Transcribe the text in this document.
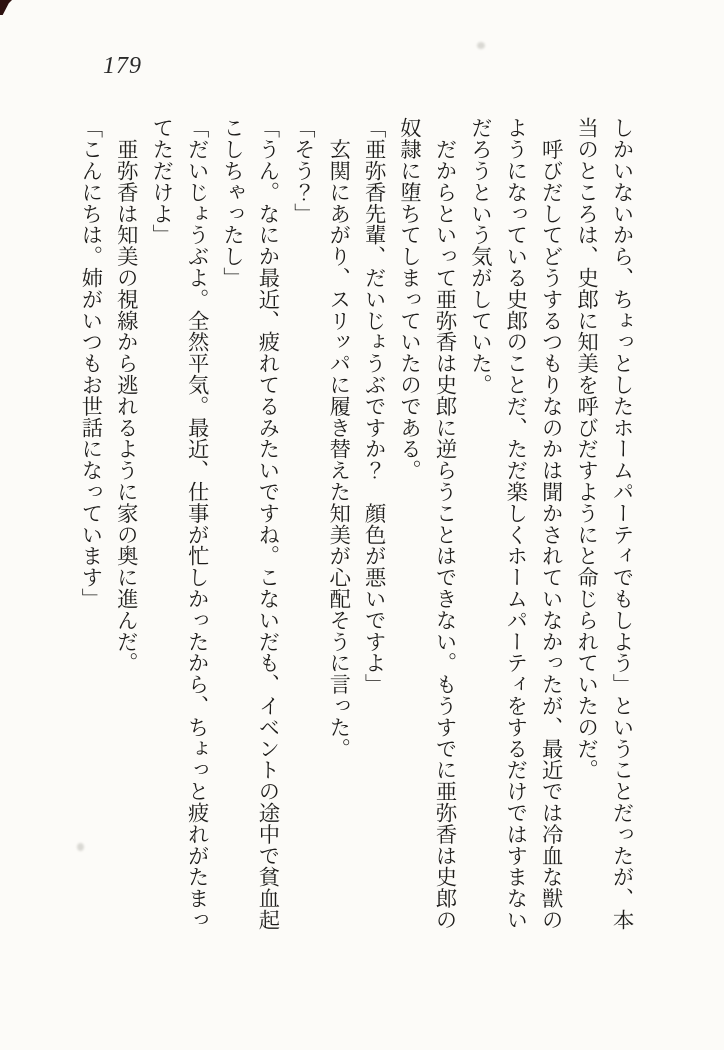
179
しかいないから、ちょっとしたホームパーティでもしよう」ということだったが、本
当のところは、史郎に知美を呼びだすようにと命じられていたのだ。
　呼びだしてどうするつもりなのかは聞かされていなかったが、最近では冷血な獣の
ようになっている史郎のことだ、ただ楽しくホームパーティをするだけではすまない
だろうという気がしていた。
　だからといって亜弥香は史郎に逆らうことはできない。もうすでに亜弥香は史郎の
奴隷に堕ちてしまっていたのである。
「亜弥香先輩、だいじょうぶですか？　顔色が悪いですよ」
　玄関にあがり、スリッパに履き替えた知美が心配そうに言った。
「そう？」
「うん。なにか最近、疲れてるみたいですね。こないだも、イベントの途中で貧血起
こしちゃったし」
「だいじょうぶよ。全然平気。最近、仕事が忙しかったから、ちょっと疲れがたまっ
てただけよ」
　亜弥香は知美の視線から逃れるように家の奥に進んだ。
「こんにちは。姉がいつもお世話になっています」
